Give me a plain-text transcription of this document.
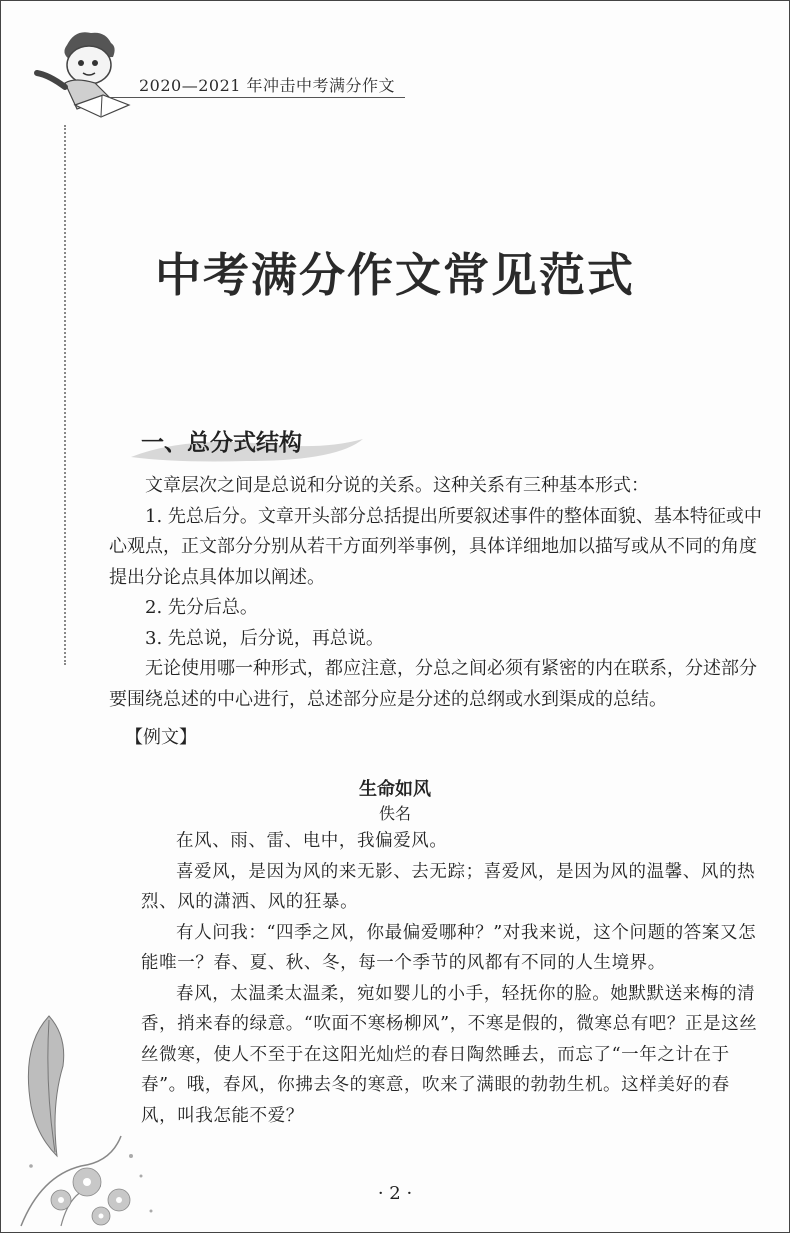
2020—2021 年冲击中考满分作文
中考满分作文常见范式
一、总分式结构

文章层次之间是总说和分说的关系。这种关系有三种基本形式：

1. 先总后分。文章开头部分总括提出所要叙述事件的整体面貌、基本特征或中心观点，正文部分分别从若干方面列举事例，具体详细地加以描写或从不同的角度提出分论点具体加以阐述。

2. 先分后总。

3. 先总说，后分说，再总说。

无论使用哪一种形式，都应注意，分总之间必须有紧密的内在联系，分述部分要围绕总述的中心进行，总述部分应是分述的总纲或水到渠成的总结。

【例文】
生命如风
佚名

在风、雨、雷、电中，我偏爱风。

喜爱风，是因为风的来无影、去无踪；喜爱风，是因为风的温馨、风的热烈、风的潇洒、风的狂暴。

有人问我：“四季之风，你最偏爱哪种？”对我来说，这个问题的答案又怎能唯一？春、夏、秋、冬，每一个季节的风都有不同的人生境界。

春风，太温柔太温柔，宛如婴儿的小手，轻抚你的脸。她默默送来梅的清香，捎来春的绿意。“吹面不寒杨柳风”，不寒是假的，微寒总有吧？正是这丝丝微寒，使人不至于在这阳光灿烂的春日陶然睡去，而忘了“一年之计在于春”。哦，春风，你拂去冬的寒意，吹来了满眼的勃勃生机。这样美好的春风，叫我怎能不爱？

· 2 ·
